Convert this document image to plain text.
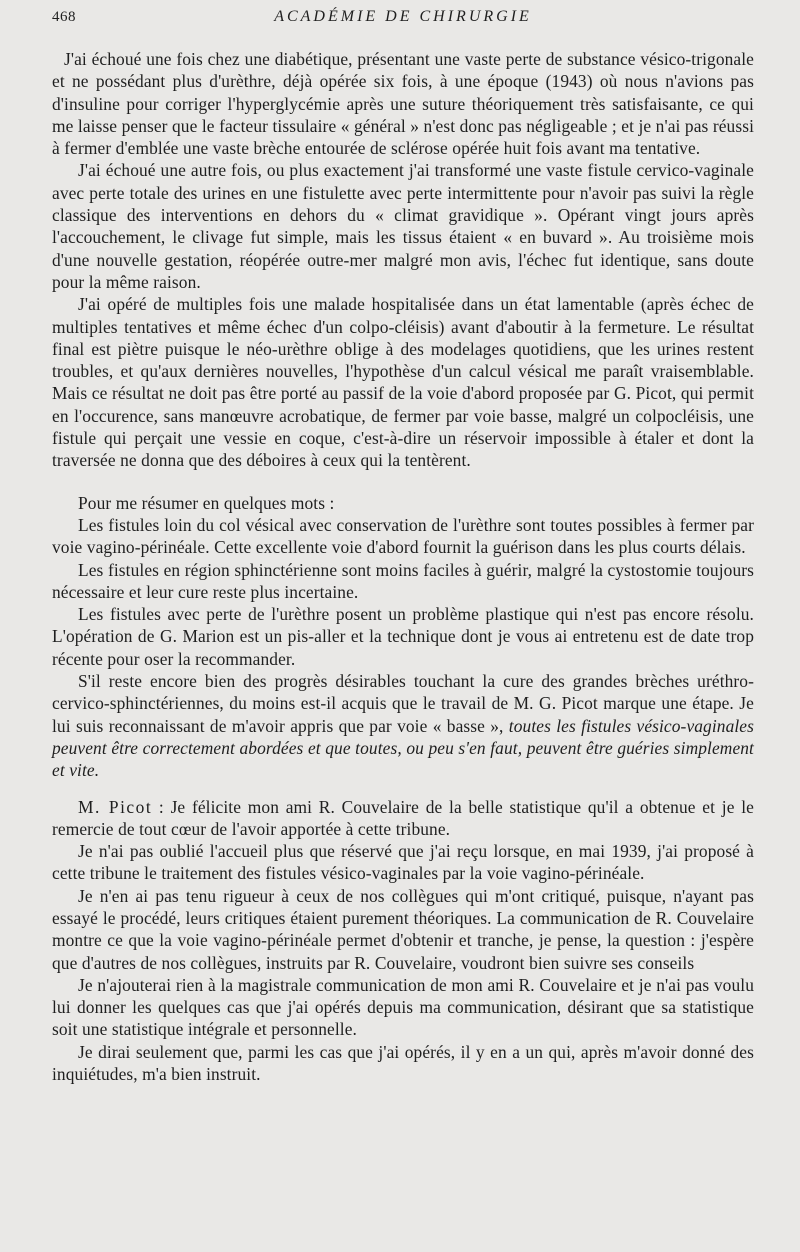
468	ACADÉMIE DE CHIRURGIE

J'ai échoué une fois chez une diabétique, présentant une vaste perte de substance vésico-trigonale et ne possédant plus d'urèthre, déjà opérée six fois, à une époque (1943) où nous n'avions pas d'insuline pour corriger l'hyperglycémie après une suture théoriquement très satisfaisante, ce qui me laisse penser que le facteur tissulaire « général » n'est donc pas négligeable ; et je n'ai pas réussi à fermer d'emblée une vaste brèche entourée de sclérose opérée huit fois avant ma tentative.

J'ai échoué une autre fois, ou plus exactement j'ai transformé une vaste fistule cervico-vaginale avec perte totale des urines en une fistulette avec perte intermittente pour n'avoir pas suivi la règle classique des interventions en dehors du « climat gravidique ». Opérant vingt jours après l'accouchement, le clivage fut simple, mais les tissus étaient « en buvard ». Au troisième mois d'une nouvelle gestation, réopérée outre-mer malgré mon avis, l'échec fut identique, sans doute pour la même raison.

J'ai opéré de multiples fois une malade hospitalisée dans un état lamentable (après échec de multiples tentatives et même échec d'un colpo-cléisis) avant d'aboutir à la fermeture. Le résultat final est piètre puisque le néo-urèthre oblige à des modelages quotidiens, que les urines restent troubles, et qu'aux dernières nouvelles, l'hypothèse d'un calcul vésical me paraît vraisemblable. Mais ce résultat ne doit pas être porté au passif de la voie d'abord proposée par G. Picot, qui permit en l'occurence, sans manœuvre acrobatique, de fermer par voie basse, malgré un colpocléisis, une fistule qui perçait une vessie en coque, c'est-à-dire un réservoir impossible à étaler et dont la traversée ne donna que des déboires à ceux qui la tentèrent.

Pour me résumer en quelques mots :

Les fistules loin du col vésical avec conservation de l'urèthre sont toutes possibles à fermer par voie vagino-périnéale. Cette excellente voie d'abord fournit la guérison dans les plus courts délais.

Les fistules en région sphinctérienne sont moins faciles à guérir, malgré la cystostomie toujours nécessaire et leur cure reste plus incertaine.

Les fistules avec perte de l'urèthre posent un problème plastique qui n'est pas encore résolu. L'opération de G. Marion est un pis-aller et la technique dont je vous ai entretenu est de date trop récente pour oser la recommander.

S'il reste encore bien des progrès désirables touchant la cure des grandes brèches uréthro-cervico-sphinctériennes, du moins est-il acquis que le travail de M. G. Picot marque une étape. Je lui suis reconnaissant de m'avoir appris que par voie « basse », toutes les fistules vésico-vaginales peuvent être correctement abordées et que toutes, ou peu s'en faut, peuvent être guéries simplement et vite.

M. Picot : Je félicite mon ami R. Couvelaire de la belle statistique qu'il a obtenue et je le remercie de tout cœur de l'avoir apportée à cette tribune.

Je n'ai pas oublié l'accueil plus que réservé que j'ai reçu lorsque, en mai 1939, j'ai proposé à cette tribune le traitement des fistules vésico-vaginales par la voie vagino-périnéale.

Je n'en ai pas tenu rigueur à ceux de nos collègues qui m'ont critiqué, puisque, n'ayant pas essayé le procédé, leurs critiques étaient purement théoriques. La communication de R. Couvelaire montre ce que la voie vagino-périnéale permet d'obtenir et tranche, je pense, la question : j'espère que d'autres de nos collègues, instruits par R. Couvelaire, voudront bien suivre ses conseils

Je n'ajouterai rien à la magistrale communication de mon ami R. Couvelaire et je n'ai pas voulu lui donner les quelques cas que j'ai opérés depuis ma communication, désirant que sa statistique soit une statistique intégrale et personnelle.

Je dirai seulement que, parmi les cas que j'ai opérés, il y en a un qui, après m'avoir donné des inquiétudes, m'a bien instruit.
